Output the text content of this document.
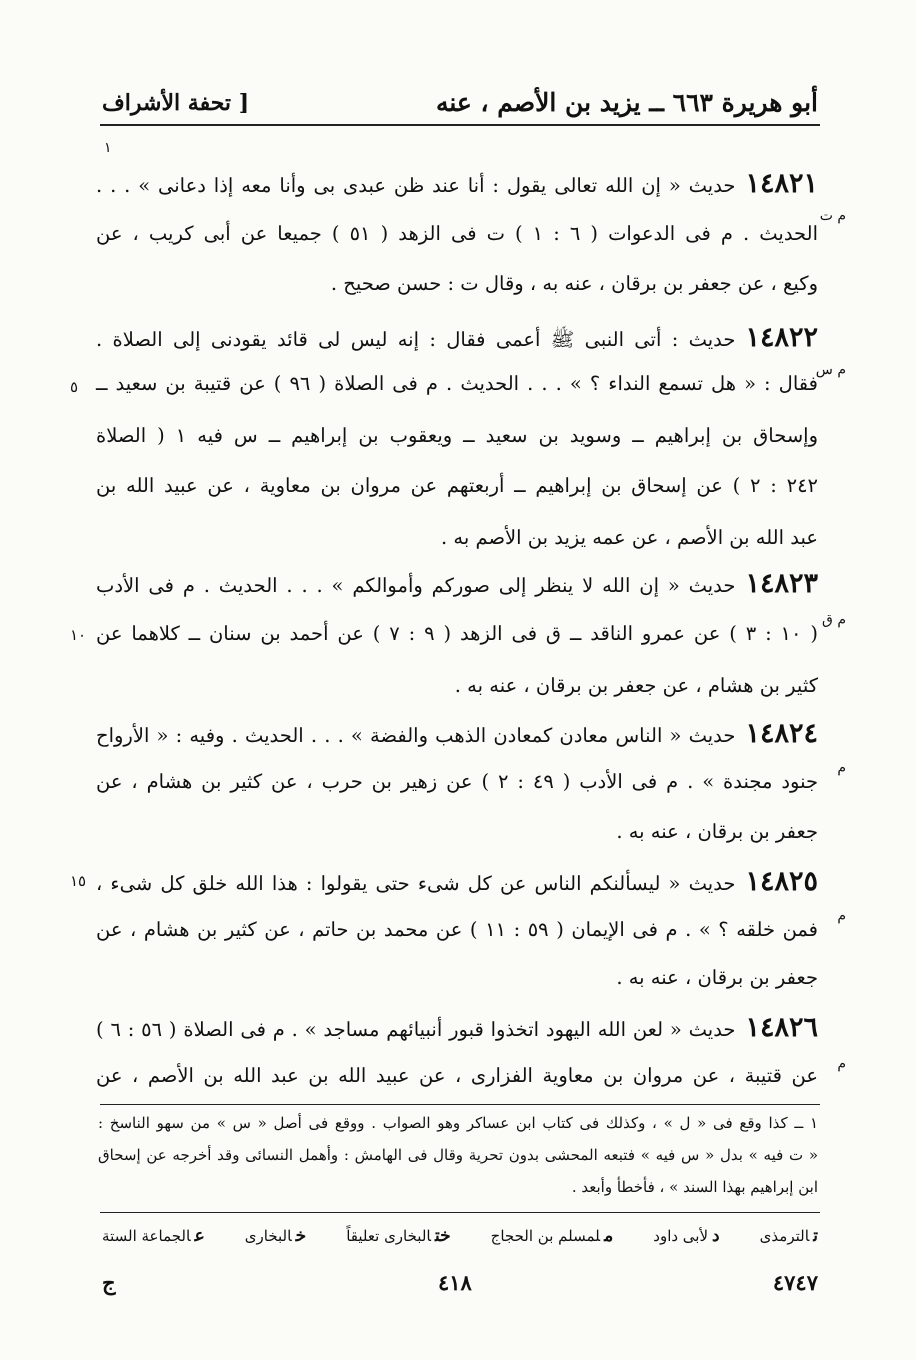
أبو هريرة ٦٦٣ ــ يزيد بن الأصم ، عنه
[ تحفة الأشراف
١
م ت
١٤٨٢١حديث « إن الله تعالى يقول : أنا عند ظن عبدى بى وأنا معه إذا دعانى » . . .
الحديث . م فى الدعوات ( ٦ : ١ ) ت فى الزهد ( ٥١ ) جميعا عن أبى كريب ، عن
وكيع ، عن جعفر بن برقان ، عنه به ، وقال ت : حسن صحيح .
م س
١٤٨٢٢حديث : أتى النبى ﷺ أعمى فقال : إنه ليس لى قائد يقودنى إلى الصلاة .
فقال : « هل تسمع النداء ؟ » . . . الحديث . م فى الصلاة ( ٩٦ ) عن قتيبة بن سعيد ــ
وإسحاق بن إبراهيم ــ وسويد بن سعيد ــ ويعقوب بن إبراهيم ــ س فيه ١ ( الصلاة
٢٤٢ : ٢ ) عن إسحاق بن إبراهيم ــ أربعتهم عن مروان بن معاوية ، عن عبيد الله بن
عبد الله بن الأصم ، عن عمه يزيد بن الأصم به .
م ق
١٤٨٢٣حديث « إن الله لا ينظر إلى صوركم وأموالكم » . . . الحديث . م فى الأدب
( ١٠ : ٣ ) عن عمرو الناقد ــ ق فى الزهد ( ٩ : ٧ ) عن أحمد بن سنان ــ كلاهما عن
كثير بن هشام ، عن جعفر بن برقان ، عنه به .
م
١٤٨٢٤حديث « الناس معادن كمعادن الذهب والفضة » . . . الحديث . وفيه : « الأرواح
جنود مجندة » . م فى الأدب ( ٤٩ : ٢ ) عن زهير بن حرب ، عن كثير بن هشام ، عن
جعفر بن برقان ، عنه به .
م
١٤٨٢٥حديث « ليسألنكم الناس عن كل شىء حتى يقولوا : هذا الله خلق كل شىء ،
فمن خلقه ؟ » . م فى الإيمان ( ٥٩ : ١١ ) عن محمد بن حاتم ، عن كثير بن هشام ، عن
جعفر بن برقان ، عنه به .
م
١٤٨٢٦حديث « لعن الله اليهود اتخذوا قبور أنبيائهم مساجد » . م فى الصلاة ( ٥٦ : ٦ )
عن قتيبة ، عن مروان بن معاوية الفزارى ، عن عبيد الله بن عبد الله بن الأصم ، عن
٥
١٠
١٥
١ ــ كذا وقع فى « ل » ، وكذلك فى كتاب ابن عساكر وهو الصواب . ووقع فى أصل « س » من سهو الناسخ :
« ت فيه » بدل « س فيه » فتبعه المحشى بدون تحرية وقال فى الهامش : وأهمل النسائى وقد أخرجه عن إسحاق
ابن إبراهيم بهذا السند » ، فأخطأ وأبعد .
عالجماعة الستة	خالبخارى	ختالبخارى تعليقاً	ملمسلم بن الحجاج	دلأبى داود	تالترمذى
٤٧٤٧
٤١٨
ج
